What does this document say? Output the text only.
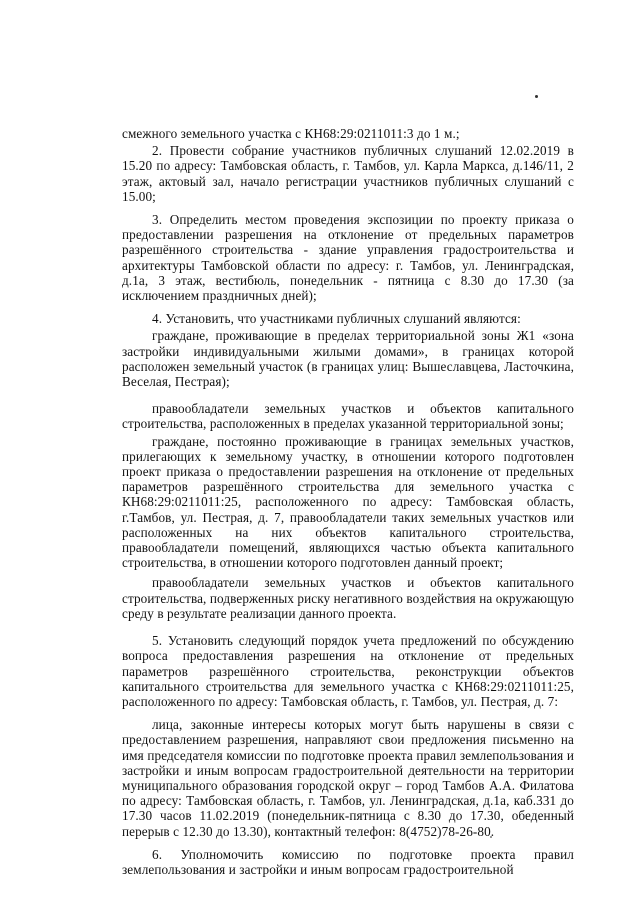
смежного земельного участка с КН68:29:0211011:3 до 1 м.;

2. Провести собрание участников публичных слушаний 12.02.2019 в 15.20 по адресу: Тамбовская область, г. Тамбов, ул. Карла Маркса, д.146/11, 2 этаж, актовый зал, начало регистрации участников публичных слушаний с 15.00;

3. Определить местом проведения экспозиции по проекту приказа о предоставлении разрешения на отклонение от предельных параметров разрешённого строительства - здание управления градостроительства и архитектуры Тамбовской области по адресу: г. Тамбов, ул. Ленинградская, д.1а, 3 этаж, вестибюль, понедельник - пятница с 8.30 до 17.30 (за исключением праздничных дней);

4. Установить, что участниками публичных слушаний являются:

граждане, проживающие в пределах территориальной зоны Ж1 «зона застройки индивидуальными жилыми домами», в границах которой расположен земельный участок (в границах улиц: Вышеславцева, Ласточкина, Веселая, Пестрая);

правообладатели земельных участков и объектов капитального строительства, расположенных в пределах указанной территориальной зоны;

граждане, постоянно проживающие в границах земельных участков, прилегающих к земельному участку, в отношении которого подготовлен проект приказа о предоставлении разрешения на отклонение от предельных параметров разрешённого строительства для земельного участка с КН68:29:0211011:25, расположенного по адресу: Тамбовская область, г.Тамбов, ул. Пестрая, д. 7, правообладатели таких земельных участков или расположенных на них объектов капитального строительства, правообладатели помещений, являющихся частью объекта капитального строительства, в отношении которого подготовлен данный проект;

правообладатели земельных участков и объектов капитального строительства, подверженных риску негативного воздействия на окружающую среду в результате реализации данного проекта.

5. Установить следующий порядок учета предложений по обсуждению вопроса предоставления разрешения на отклонение от предельных параметров разрешённого строительства, реконструкции объектов капитального строительства для земельного участка с КН68:29:0211011:25, расположенного по адресу: Тамбовская область, г. Тамбов, ул. Пестрая, д. 7:

лица, законные интересы которых могут быть нарушены в связи с предоставлением разрешения, направляют свои предложения письменно на имя председателя комиссии по подготовке проекта правил землепользования и застройки и иным вопросам градостроительной деятельности на территории муниципального образования городской округ – город Тамбов А.А. Филатова по адресу: Тамбовская область, г. Тамбов, ул. Ленинградская, д.1а, каб.331 до 17.30 часов 11.02.2019 (понедельник-пятница с 8.30 до 17.30, обеденный перерыв с 12.30 до 13.30), контактный телефон: 8(4752)78-26-80.

6. Уполномочить комиссию по подготовке проекта правил землепользования и застройки и иным вопросам градостроительной
